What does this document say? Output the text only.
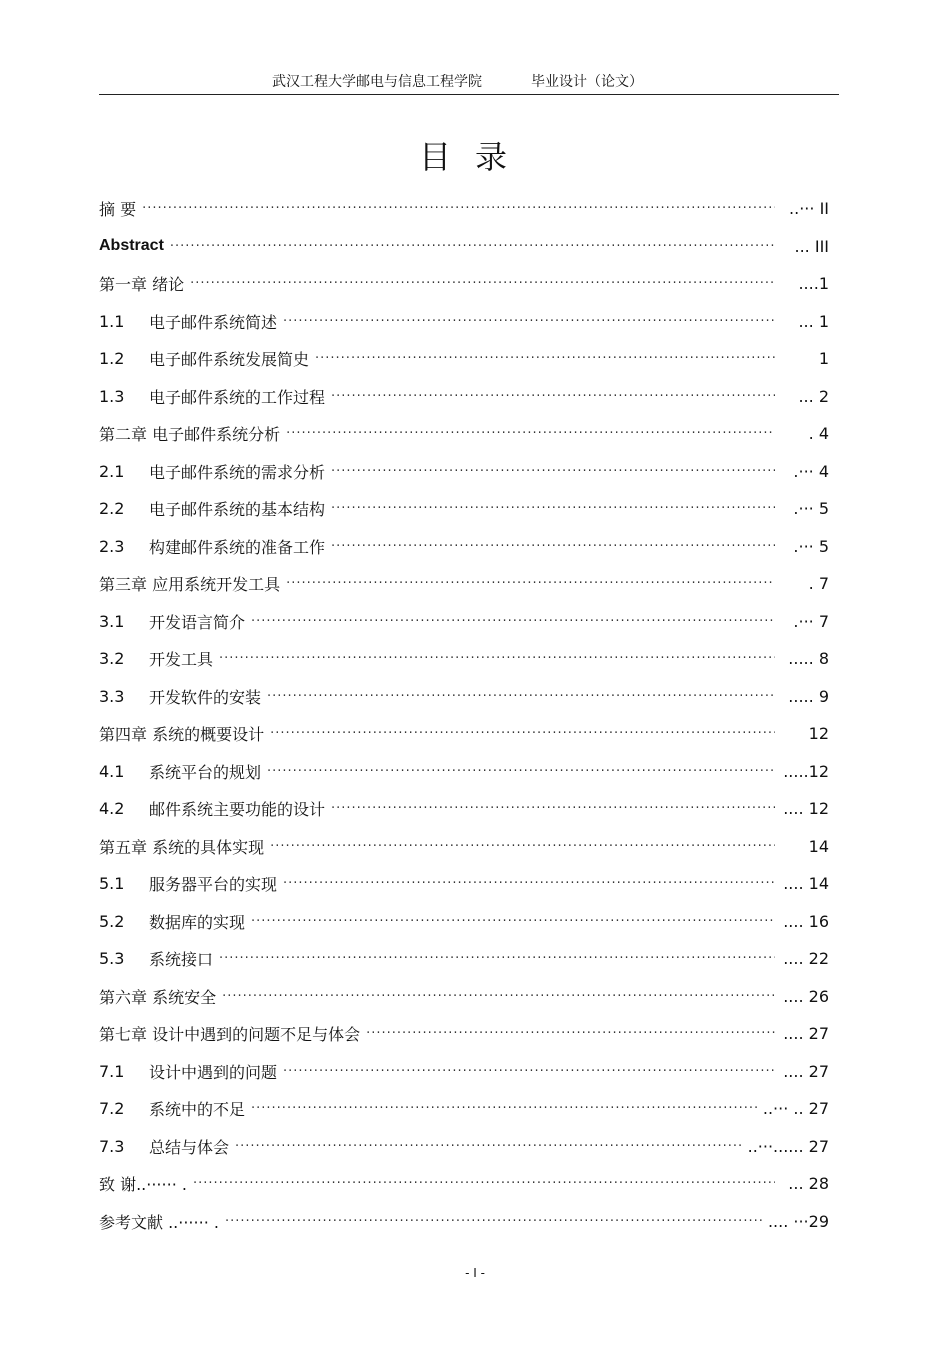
武汉工程大学邮电与信息工程学院	毕业设计（论文）
目录
摘 要 ·····	..··· II
Abstract ·····	... III
第一章 绪论 ·····	....1
1.1	电子邮件系统简述 ·····	... 1
1.2	电子邮件系统发展简史 ·····	1
1.3	电子邮件系统的工作过程 ·····	... 2
第二章 电子邮件系统分析 ·····	. 4
2.1	电子邮件系统的需求分析 ·····	.··· 4
2.2	电子邮件系统的基本结构 ·····	.··· 5
2.3	构建邮件系统的准备工作 ·····	.··· 5
第三章 应用系统开发工具 ·····	. 7
3.1	开发语言简介 ·····	.··· 7
3.2	开发工具 ·····	..... 8
3.3	开发软件的安装 ·····	..... 9
第四章 系统的概要设计 ·····	12
4.1	系统平台的规划 ·····	.....12
4.2	邮件系统主要功能的设计 ·····	.... 12
第五章 系统的具体实现 ·····	14
5.1	服务器平台的实现 ·····	.... 14
5.2	数据库的实现 ·····	.... 16
5.3	系统接口 ·····	.... 22
第六章 系统安全 ·····	.... 26
第七章 设计中遇到的问题不足与体会 ·····	.... 27
7.1	设计中遇到的问题 ·····	.... 27
7.2	系统中的不足 ·····	..··· .. 27
7.3	总结与体会 ·····	..···...... 27
致 谢..······ . ·····	... 28
参考文献 ..······ . ·····	.... ···29
- I -
